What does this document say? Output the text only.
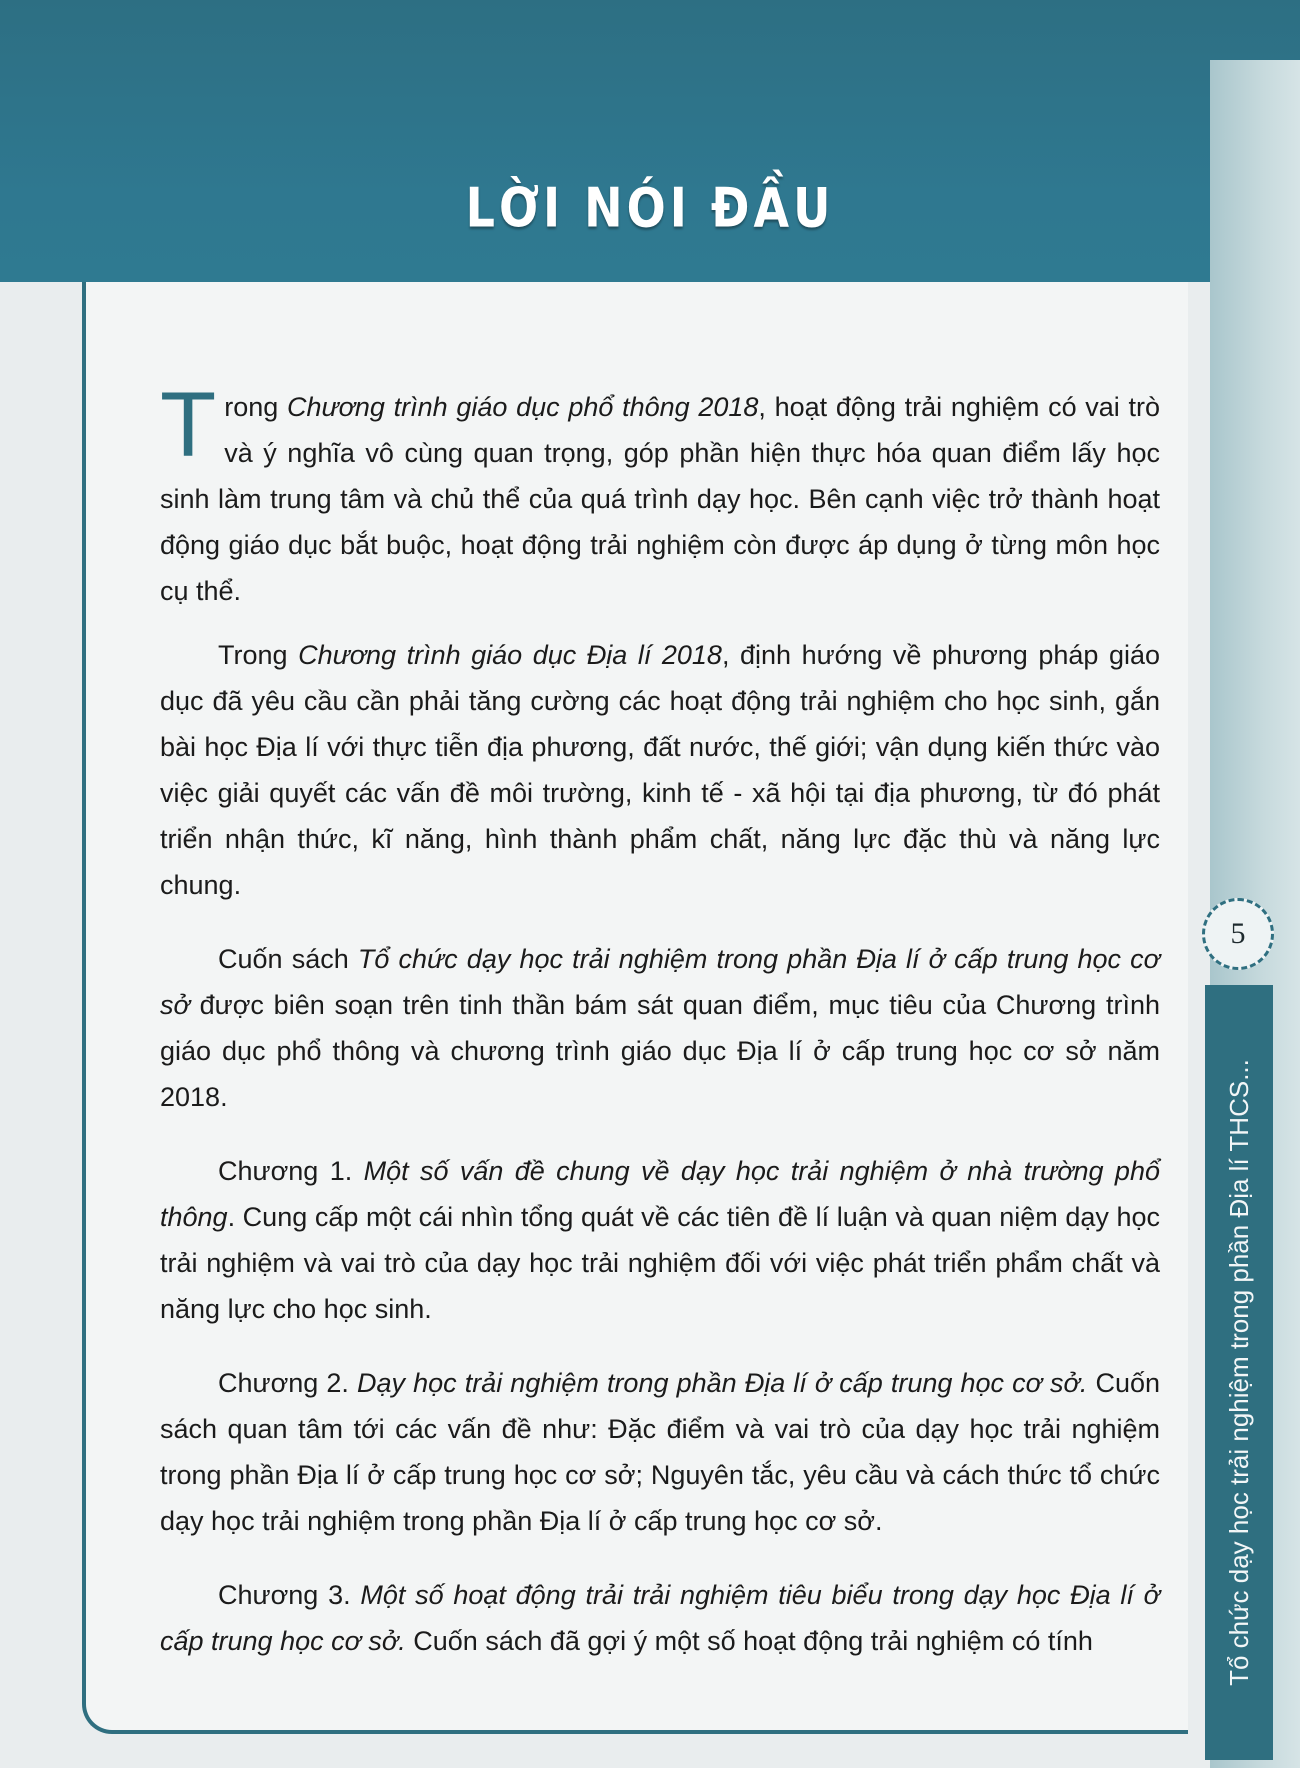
LỜI NÓI ĐẦU
5
Tổ chức dạy học trải nghiệm trong phần Địa lí THCS...

Trong Chương trình giáo dục phổ thông 2018, hoạt động trải nghiệm có vai trò và ý nghĩa vô cùng quan trọng, góp phần hiện thực hóa quan điểm lấy học sinh làm trung tâm và chủ thể của quá trình dạy học. Bên cạnh việc trở thành hoạt động giáo dục bắt buộc, hoạt động trải nghiệm còn được áp dụng ở từng môn học cụ thể.

Trong Chương trình giáo dục Địa lí 2018, định hướng về phương pháp giáo dục đã yêu cầu cần phải tăng cường các hoạt động trải nghiệm cho học sinh, gắn bài học Địa lí với thực tiễn địa phương, đất nước, thế giới; vận dụng kiến thức vào việc giải quyết các vấn đề môi trường, kinh tế - xã hội tại địa phương, từ đó phát triển nhận thức, kĩ năng, hình thành phẩm chất, năng lực đặc thù và năng lực chung.

Cuốn sách Tổ chức dạy học trải nghiệm trong phần Địa lí ở cấp trung học cơ sở được biên soạn trên tinh thần bám sát quan điểm, mục tiêu của Chương trình giáo dục phổ thông và chương trình giáo dục Địa lí ở cấp trung học cơ sở năm 2018.

Chương 1. Một số vấn đề chung về dạy học trải nghiệm ở nhà trường phổ thông. Cung cấp một cái nhìn tổng quát về các tiên đề lí luận và quan niệm dạy học trải nghiệm và vai trò của dạy học trải nghiệm đối với việc phát triển phẩm chất và năng lực cho học sinh.

Chương 2. Dạy học trải nghiệm trong phần Địa lí ở cấp trung học cơ sở. Cuốn sách quan tâm tới các vấn đề như: Đặc điểm và vai trò của dạy học trải nghiệm trong phần Địa lí ở cấp trung học cơ sở; Nguyên tắc, yêu cầu và cách thức tổ chức dạy học trải nghiệm trong phần Địa lí ở cấp trung học cơ sở.

Chương 3. Một số hoạt động trải trải nghiệm tiêu biểu trong dạy học Địa lí ở cấp trung học cơ sở. Cuốn sách đã gợi ý một số hoạt động trải nghiệm có tính
